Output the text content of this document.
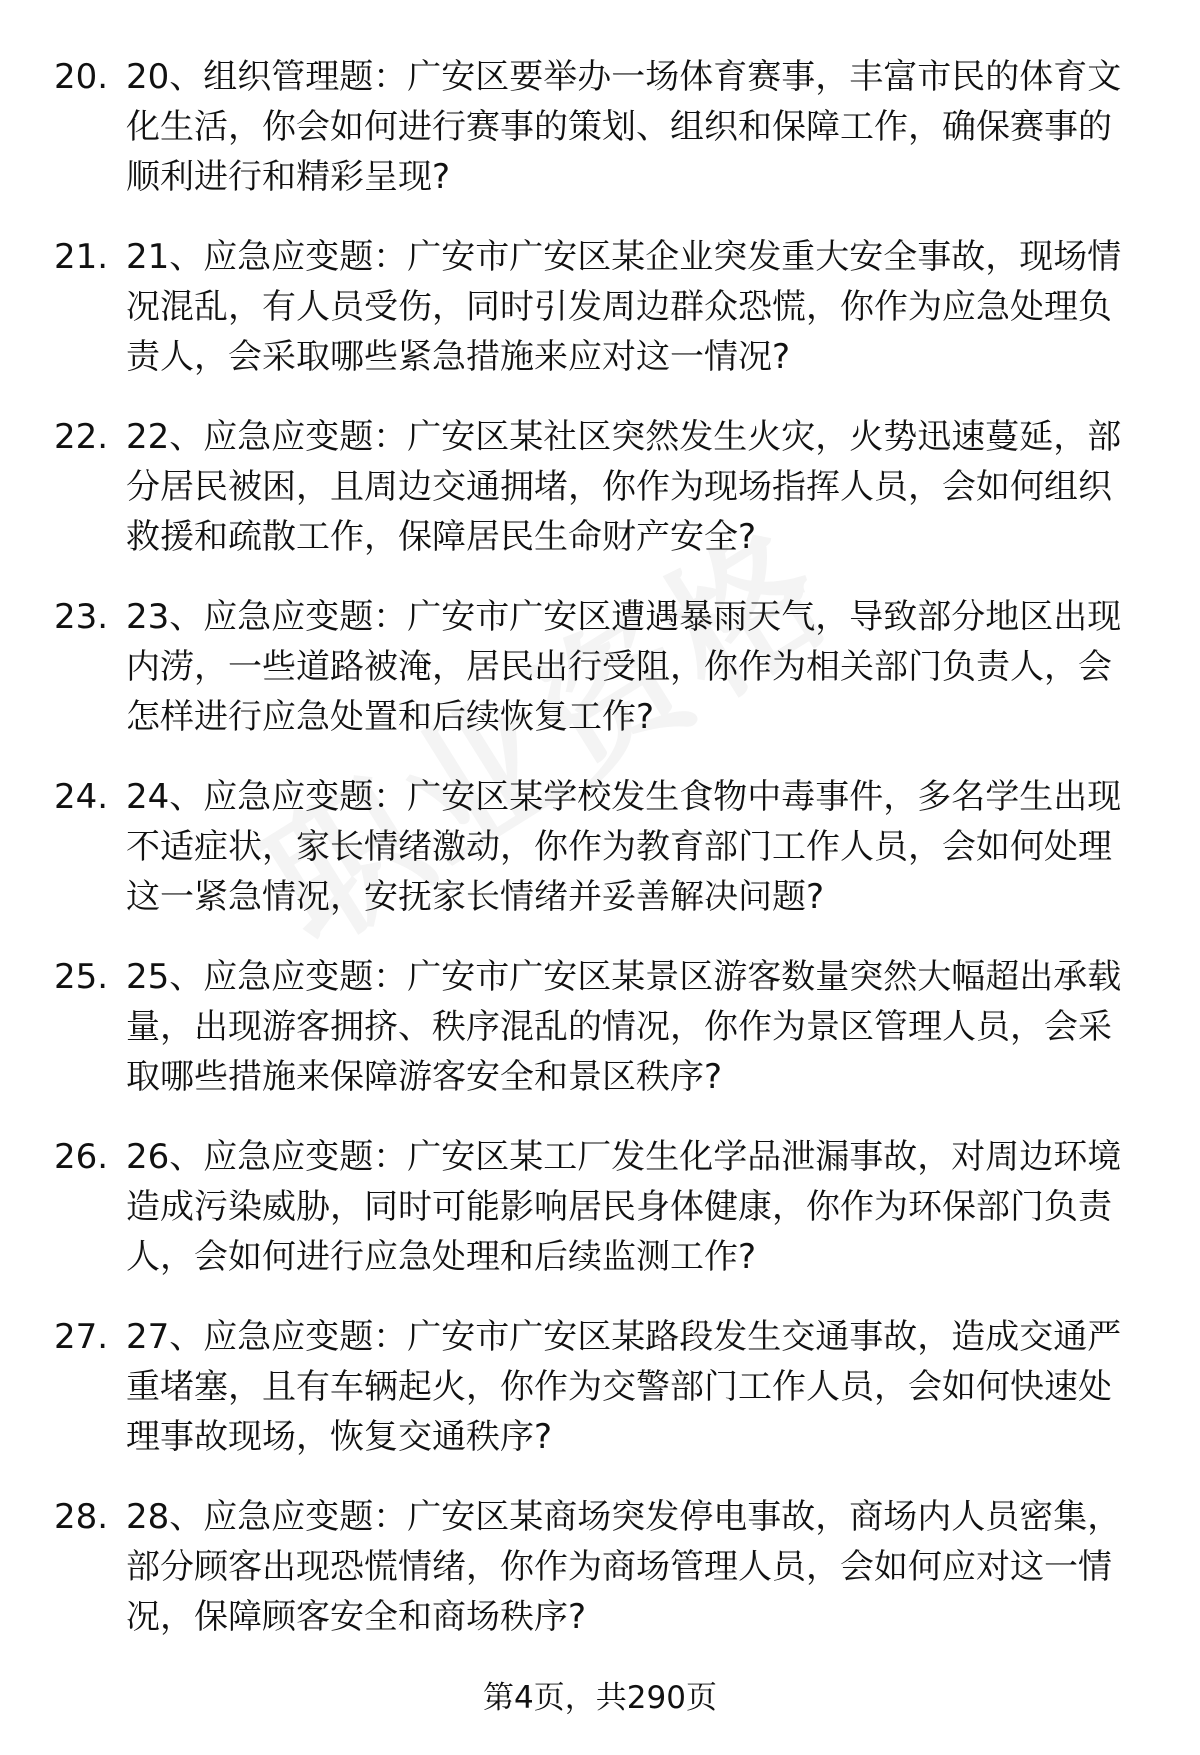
20. 20、组织管理题：广安区要举办一场体育赛事，丰富市民的体育文化生活，你会如何进行赛事的策划、组织和保障工作，确保赛事的顺利进行和精彩呈现?

21. 21、应急应变题：广安市广安区某企业突发重大安全事故，现场情况混乱，有人员受伤，同时引发周边群众恐慌，你作为应急处理负责人，会采取哪些紧急措施来应对这一情况?

22. 22、应急应变题：广安区某社区突然发生火灾，火势迅速蔓延，部分居民被困，且周边交通拥堵，你作为现场指挥人员，会如何组织救援和疏散工作，保障居民生命财产安全?

23. 23、应急应变题：广安市广安区遭遇暴雨天气，导致部分地区出现内涝，一些道路被淹，居民出行受阻，你作为相关部门负责人，会怎样进行应急处置和后续恢复工作?

24. 24、应急应变题：广安区某学校发生食物中毒事件，多名学生出现不适症状，家长情绪激动，你作为教育部门工作人员，会如何处理这一紧急情况，安抚家长情绪并妥善解决问题?

25. 25、应急应变题：广安市广安区某景区游客数量突然大幅超出承载量，出现游客拥挤、秩序混乱的情况，你作为景区管理人员，会采取哪些措施来保障游客安全和景区秩序?

26. 26、应急应变题：广安区某工厂发生化学品泄漏事故，对周边环境造成污染威胁，同时可能影响居民身体健康，你作为环保部门负责人，会如何进行应急处理和后续监测工作?

27. 27、应急应变题：广安市广安区某路段发生交通事故，造成交通严重堵塞，且有车辆起火，你作为交警部门工作人员，会如何快速处理事故现场，恢复交通秩序?

28. 28、应急应变题：广安区某商场突发停电事故，商场内人员密集，部分顾客出现恐慌情绪，你作为商场管理人员，会如何应对这一情况，保障顾客安全和商场秩序?

第4页，共290页
